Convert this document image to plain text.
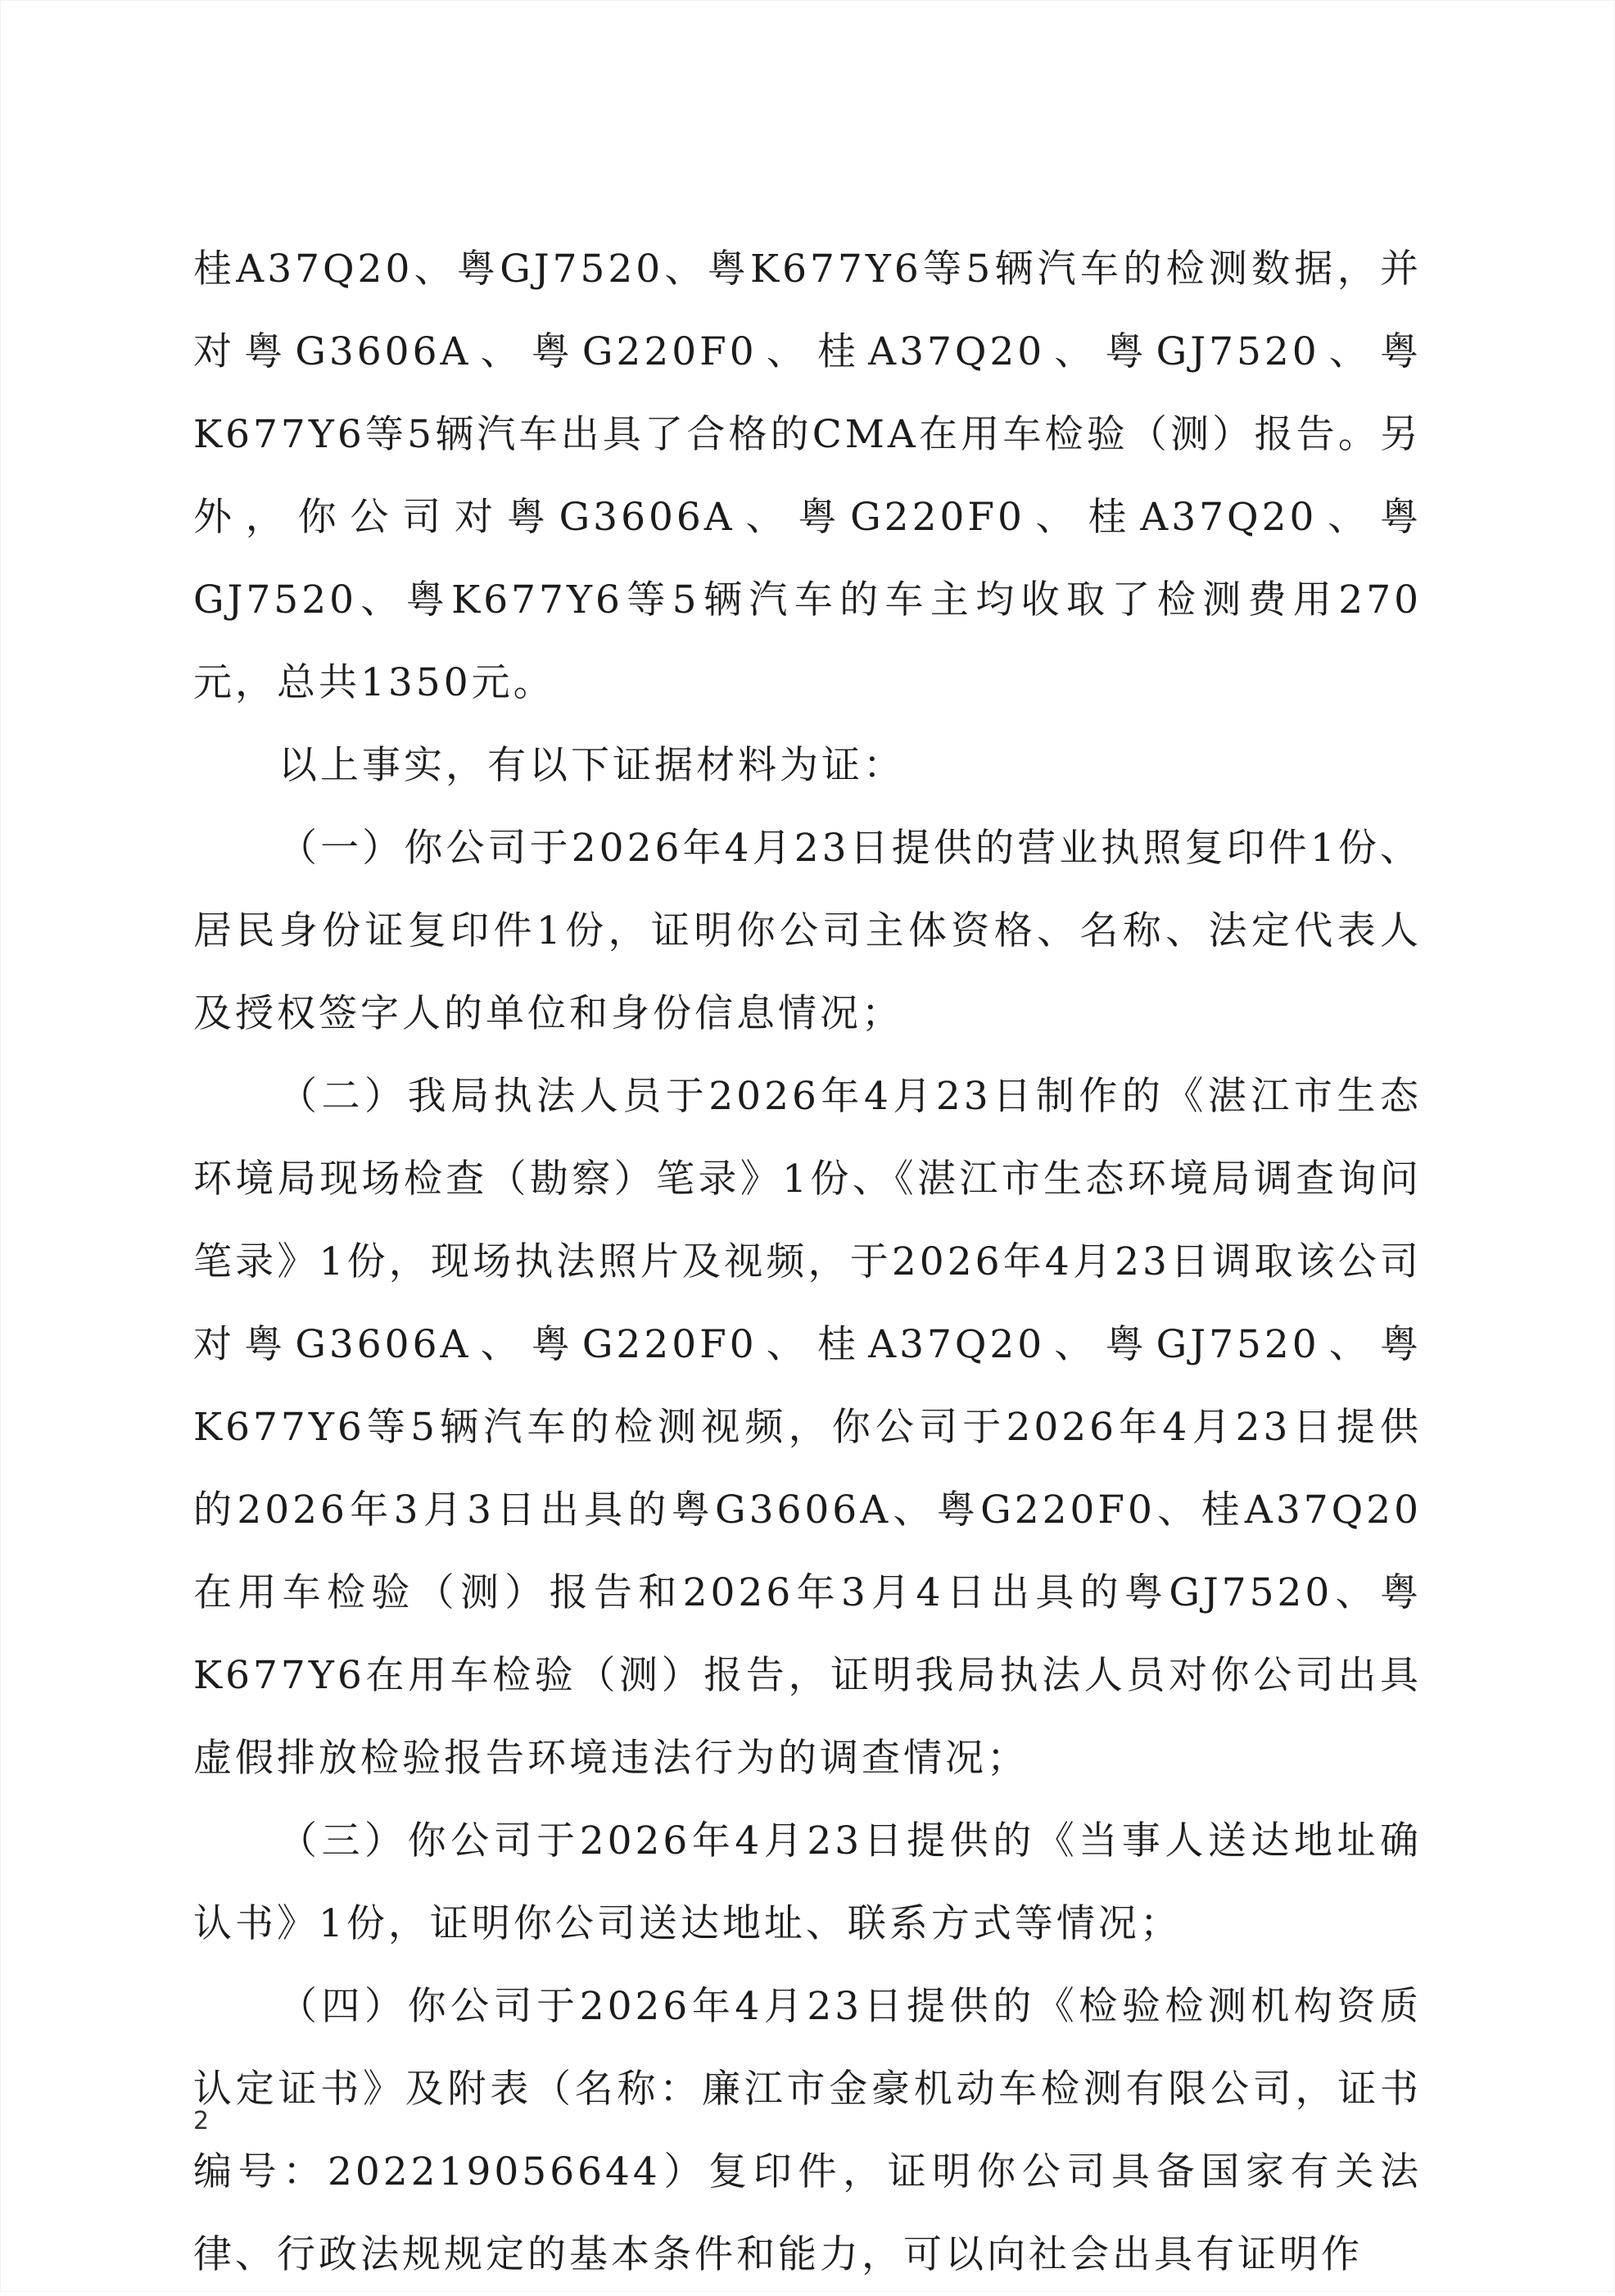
桂A37Q20、粤GJ7520、粤K677Y6等5辆汽车的检测数据，并对粤G3606A、粤G220F0、桂A37Q20、粤GJ7520、粤K677Y6等5辆汽车出具了合格的CMA在用车检验（测）报告。另外，你公司对粤G3606A、粤G220F0、桂A37Q20、粤GJ7520、粤K677Y6等5辆汽车的车主均收取了检测费用270元，总共1350元。

以上事实，有以下证据材料为证：

（一）你公司于2026年4月23日提供的营业执照复印件1份、居民身份证复印件1份，证明你公司主体资格、名称、法定代表人及授权签字人的单位和身份信息情况；

（二）我局执法人员于2026年4月23日制作的《湛江市生态环境局现场检查（勘察）笔录》1份、《湛江市生态环境局调查询问笔录》1份，现场执法照片及视频，于2026年4月23日调取该公司对粤G3606A、粤G220F0、桂A37Q20、粤GJ7520、粤K677Y6等5辆汽车的检测视频，你公司于2026年4月23日提供的2026年3月3日出具的粤G3606A、粤G220F0、桂A37Q20在用车检验（测）报告和2026年3月4日出具的粤GJ7520、粤K677Y6在用车检验（测）报告，证明我局执法人员对你公司出具虚假排放检验报告环境违法行为的调查情况；

（三）你公司于2026年4月23日提供的《当事人送达地址确认书》1份，证明你公司送达地址、联系方式等情况；

（四）你公司于2026年4月23日提供的《检验检测机构资质认定证书》及附表（名称：廉江市金豪机动车检测有限公司，证书编号：202219056644）复印件，证明你公司具备国家有关法律、行政法规规定的基本条件和能力，可以向社会出具有证明作

2
